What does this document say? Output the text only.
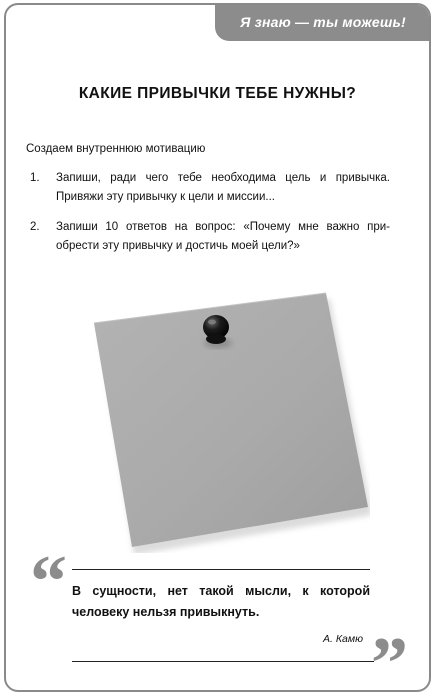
Я знаю — ты можешь!
КАКИЕ ПРИВЫЧКИ ТЕБЕ НУЖНЫ?
Создаем внутреннюю мотивацию
1. Запиши, ради чего тебе необходима цель и привычка. Привяжи эту привычку к цели и миссии...
2. Запиши 10 ответов на вопрос: «Почему мне важно приобрести эту привычку и достичь моей цели?»
“ В сущности, нет такой мысли, к которой человеку нельзя привыкнуть.
А. Камю ”
